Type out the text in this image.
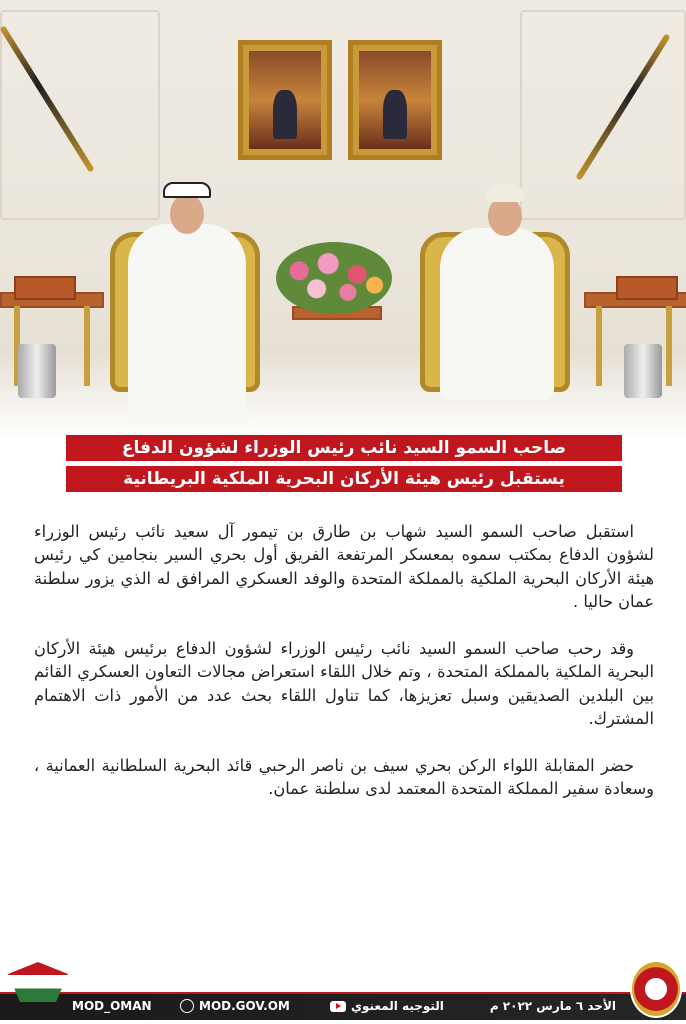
صاحب السمو السيد نائب رئيس الوزراء لشؤون الدفاع
يستقبل رئيس هيئة الأركان البحرية الملكية البريطانية

استقبل صاحب السمو السيد شهاب بن طارق بن تيمور آل سعيد نائب رئيس الوزراء لشؤون الدفاع بمكتب سموه بمعسكر المرتفعة الفريق أول بحري السير بنجامين كي رئيس هيئة الأركان البحرية الملكية بالمملكة المتحدة والوفد العسكري المرافق له الذي يزور سلطنة عمان حاليا .

وقد رحب صاحب السمو السيد نائب رئيس الوزراء لشؤون الدفاع برئيس هيئة الأركان البحرية الملكية بالمملكة المتحدة ، وتم خلال اللقاء استعراض مجالات التعاون العسكري القائم بين البلدين الصديقين وسبل تعزيزها، كما تناول اللقاء بحث عدد من الأمور ذات الاهتمام المشترك.

حضر المقابلة اللواء الركن بحري سيف بن ناصر الرحبي قائد البحرية السلطانية العمانية ، وسعادة سفير المملكة المتحدة المعتمد لدى سلطنة عمان.

الأحد ٦ مارس ٢٠٢٢ م
التوجيه المعنوي
MOD.GOV.OM
MOD_OMAN
